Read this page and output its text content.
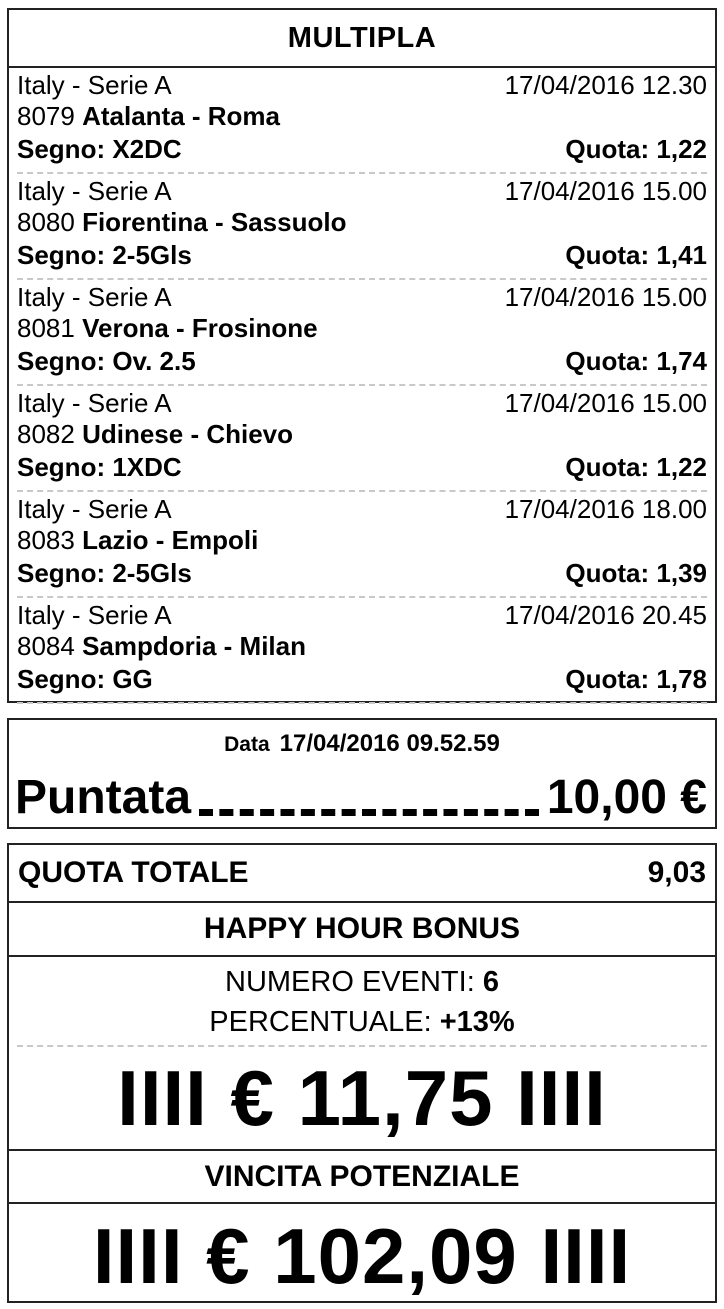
MULTIPLA
Italy - Serie A	17/04/2016 12.30
8079 Atalanta - Roma
Segno: X2DC	Quota: 1,22
Italy - Serie A	17/04/2016 15.00
8080 Fiorentina - Sassuolo
Segno: 2-5Gls	Quota: 1,41
Italy - Serie A	17/04/2016 15.00
8081 Verona - Frosinone
Segno: Ov. 2.5	Quota: 1,74
Italy - Serie A	17/04/2016 15.00
8082 Udinese - Chievo
Segno: 1XDC	Quota: 1,22
Italy - Serie A	17/04/2016 18.00
8083 Lazio - Empoli
Segno: 2-5Gls	Quota: 1,39
Italy - Serie A	17/04/2016 20.45
8084 Sampdoria - Milan
Segno: GG	Quota: 1,78
Data 17/04/2016 09.52.59
Puntata	10,00 €
QUOTA TOTALE	9,03
HAPPY HOUR BONUS
NUMERO EVENTI: 6
PERCENTUALE: +13%
IIII € 11,75 IIII
VINCITA POTENZIALE
IIII € 102,09 IIII
